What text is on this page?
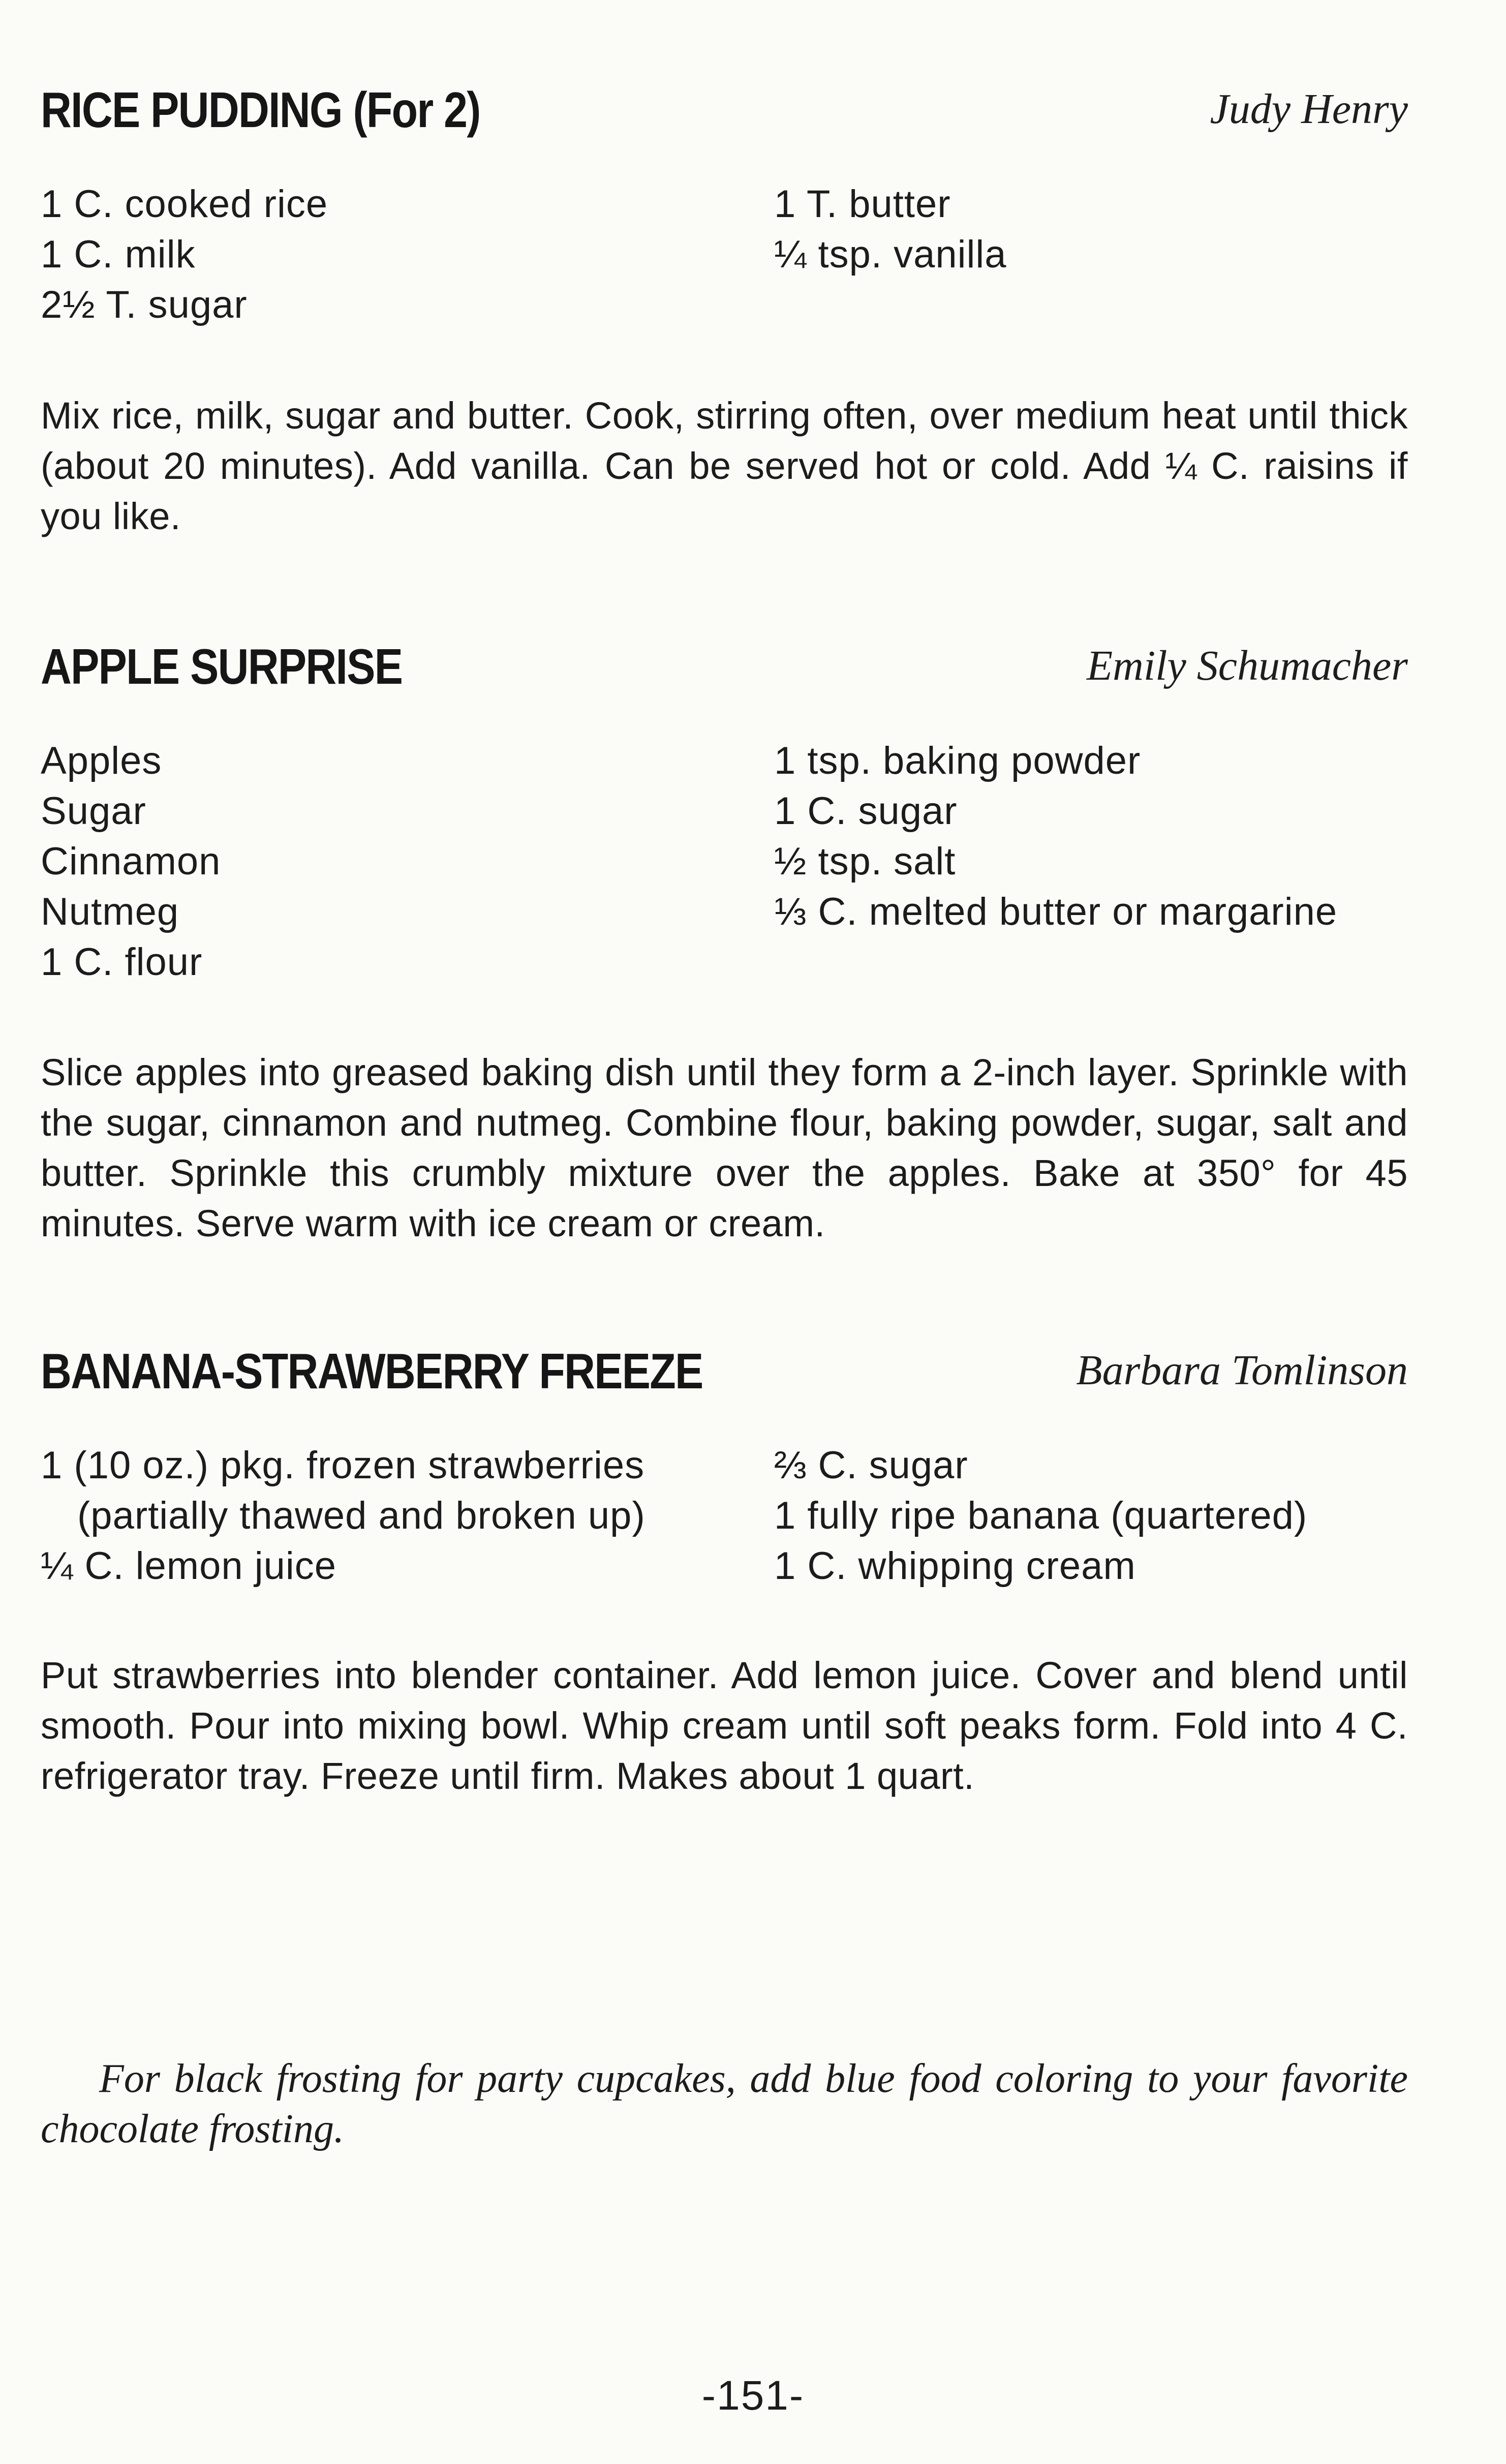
RICE PUDDING (For 2)	Judy Henry
1 C. cooked rice
1 C. milk
2½ T. sugar
1 T. butter
¼ tsp. vanilla
Mix rice, milk, sugar and butter. Cook, stirring often, over medium heat until thick (about 20 minutes). Add vanilla. Can be served hot or cold. Add ¼ C. raisins if you like.
APPLE SURPRISE	Emily Schumacher
Apples
Sugar
Cinnamon
Nutmeg
1 C. flour
1 tsp. baking powder
1 C. sugar
½ tsp. salt
⅓ C. melted butter or margarine
Slice apples into greased baking dish until they form a 2-inch layer. Sprinkle with the sugar, cinnamon and nutmeg. Combine flour, baking powder, sugar, salt and butter. Sprinkle this crumbly mixture over the apples. Bake at 350° for 45 minutes. Serve warm with ice cream or cream.
BANANA-STRAWBERRY FREEZE	Barbara Tomlinson
1 (10 oz.) pkg. frozen strawberries
(partially thawed and broken up)
¼ C. lemon juice
⅔ C. sugar
1 fully ripe banana (quartered)
1 C. whipping cream
Put strawberries into blender container. Add lemon juice. Cover and blend until smooth. Pour into mixing bowl. Whip cream until soft peaks form. Fold into 4 C. refrigerator tray. Freeze until firm. Makes about 1 quart.
For black frosting for party cupcakes, add blue food coloring to your favorite chocolate frosting.
-151-
